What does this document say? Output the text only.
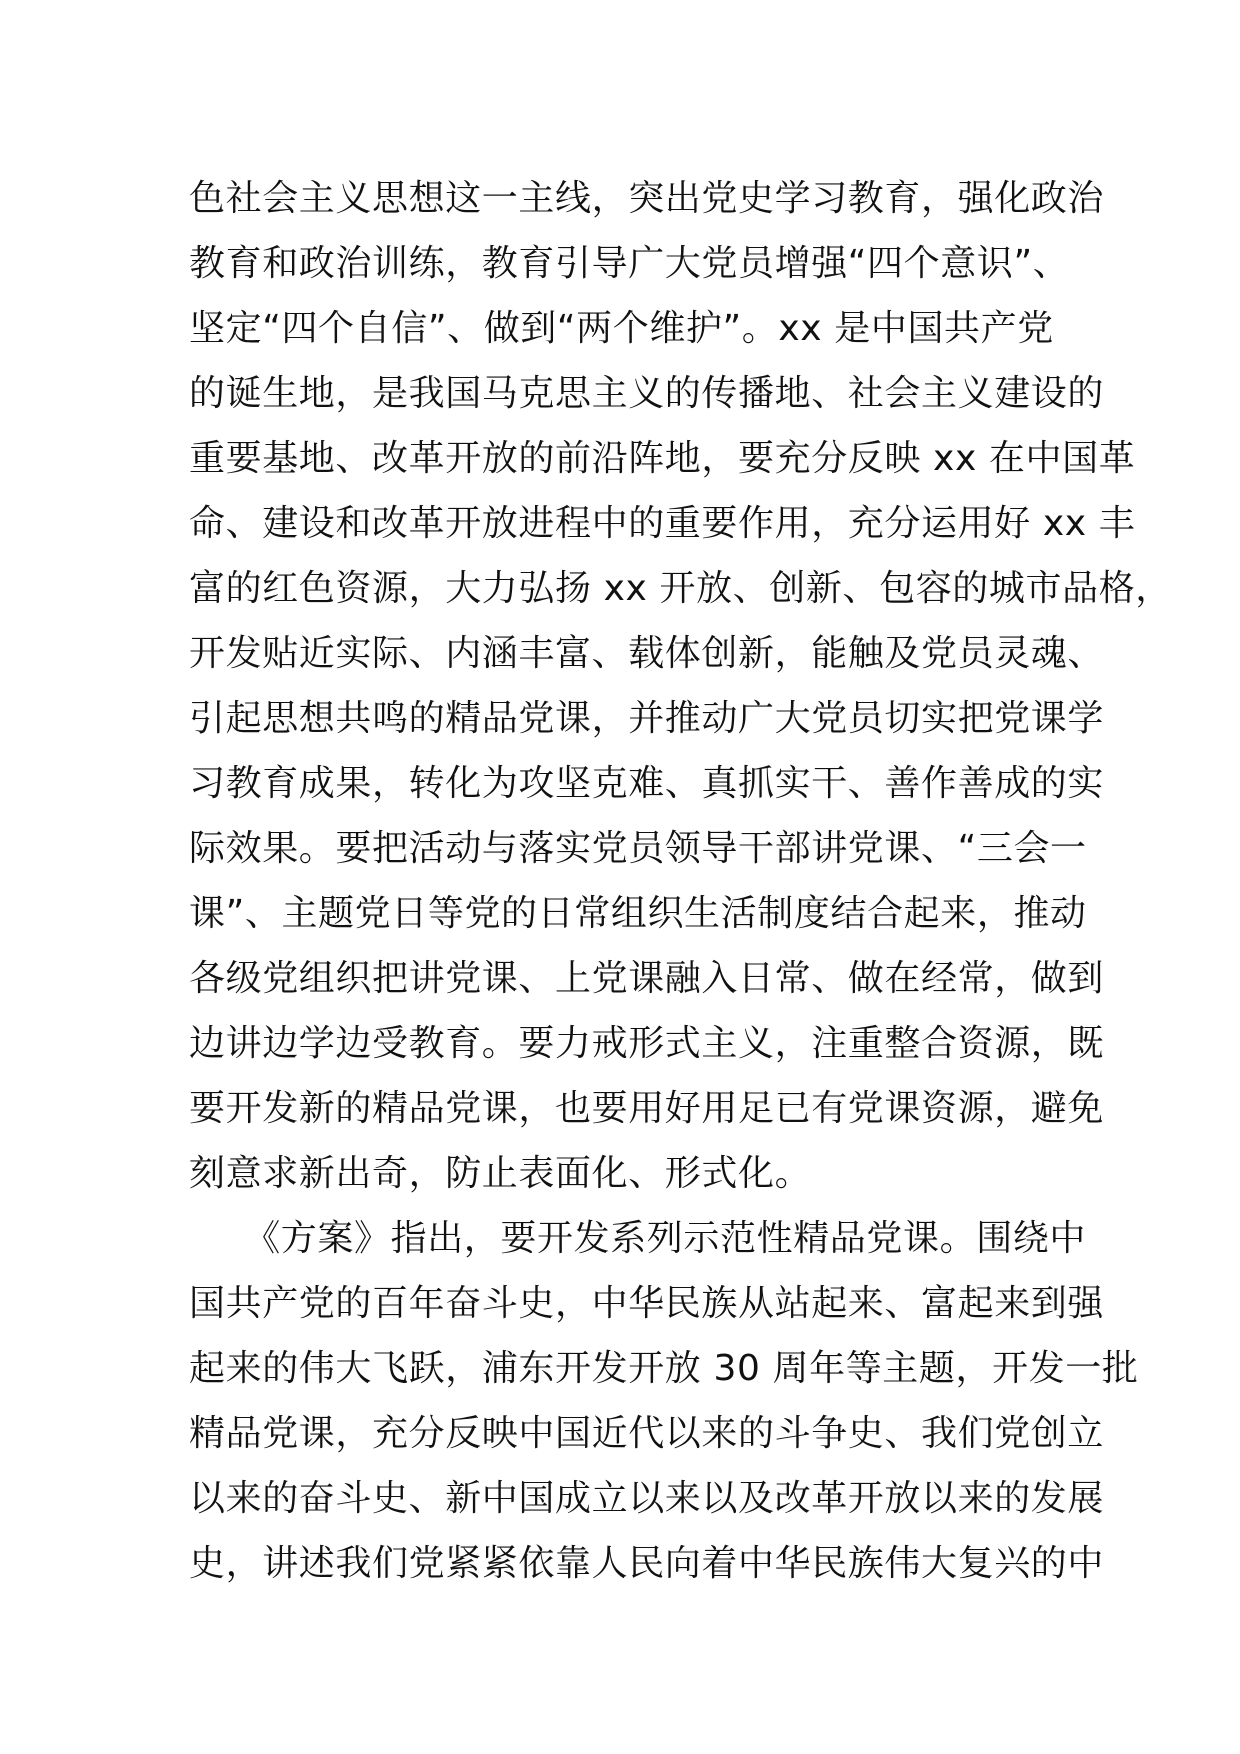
色社会主义思想这一主线，突出党史学习教育，强化政治
教育和政治训练，教育引导广大党员增强“四个意识”、
坚定“四个自信”、做到“两个维护”。xx 是中国共产党
的诞生地，是我国马克思主义的传播地、社会主义建设的
重要基地、改革开放的前沿阵地，要充分反映 xx 在中国革
命、建设和改革开放进程中的重要作用，充分运用好 xx 丰
富的红色资源，大力弘扬 xx 开放、创新、包容的城市品格，
开发贴近实际、内涵丰富、载体创新，能触及党员灵魂、
引起思想共鸣的精品党课，并推动广大党员切实把党课学
习教育成果，转化为攻坚克难、真抓实干、善作善成的实
际效果。要把活动与落实党员领导干部讲党课、“三会一
课”、主题党日等党的日常组织生活制度结合起来，推动
各级党组织把讲党课、上党课融入日常、做在经常，做到
边讲边学边受教育。要力戒形式主义，注重整合资源，既
要开发新的精品党课，也要用好用足已有党课资源，避免
刻意求新出奇，防止表面化、形式化。
　　《方案》指出，要开发系列示范性精品党课。围绕中
国共产党的百年奋斗史，中华民族从站起来、富起来到强
起来的伟大飞跃，浦东开发开放 30 周年等主题，开发一批
精品党课，充分反映中国近代以来的斗争史、我们党创立
以来的奋斗史、新中国成立以来以及改革开放以来的发展
史，讲述我们党紧紧依靠人民向着中华民族伟大复兴的中
